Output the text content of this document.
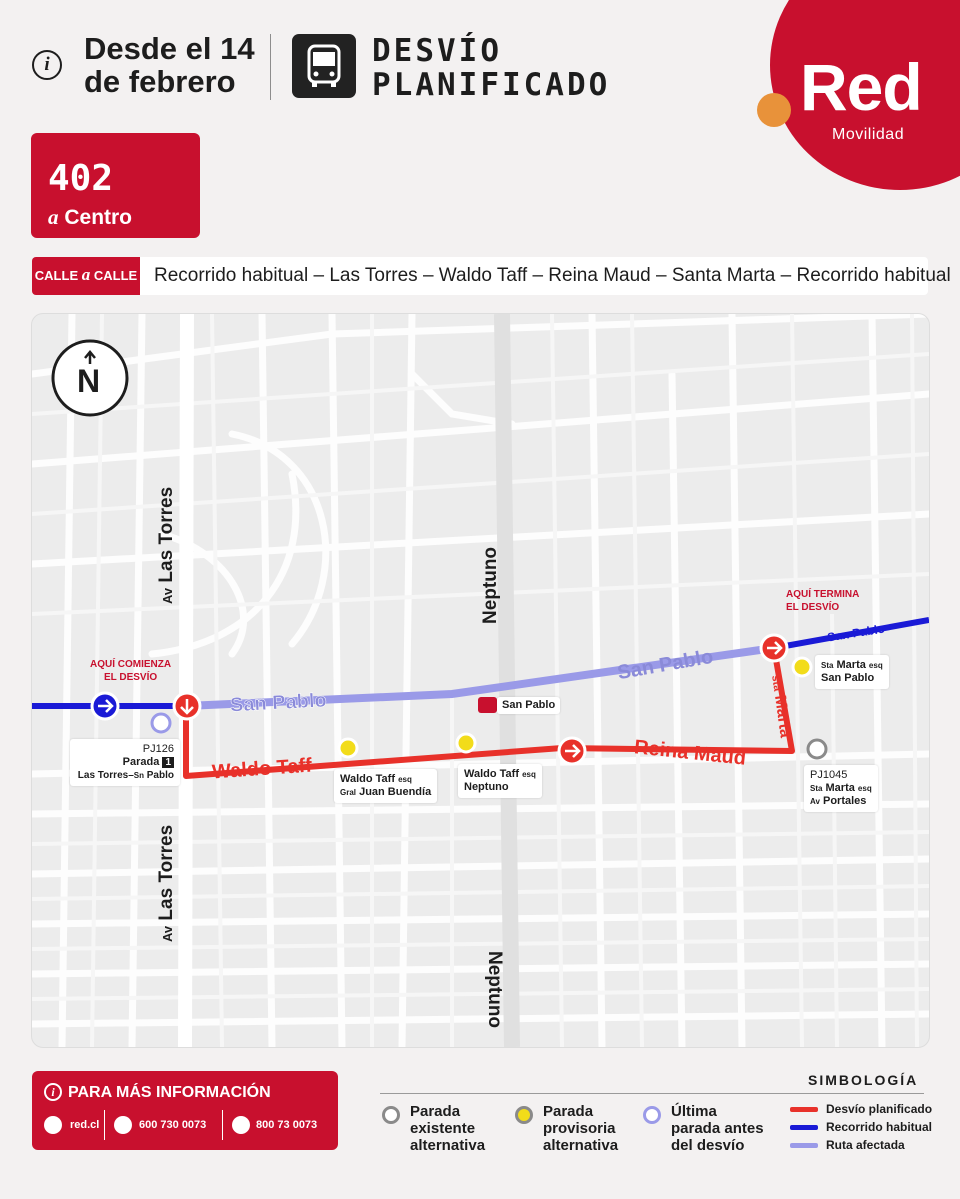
i	Desde el 14
de febrero
DESVÍO
PLANIFICADO	Red
Movilidad
402
a Centro
CALLE a CALLE Recorrido habitual – Las Torres – Waldo Taff – Reina Maud – Santa Marta – Recorrido habitual
N
Av Las Torres
Av Las Torres
Neptuno
Neptuno
San Pablo
San Pablo
San Pablo
Waldo Taff	Reina Maud
sta Marta
San Pablo
AQUÍ COMIENZA
EL DESVÍO
AQUÍ TERMINA
EL DESVÍO
PJ126
Parada 1
Las Torres–Sn Pablo	Waldo Taff esq
Gral Juan Buendía
Waldo Taff esq
Neptuno
Sta Marta esq
San Pablo
PJ1045
Sta Marta esq
Av Portales
i PARA MÁS INFORMACIÓN
red.cl	600 730 0073	800 73 0073
SIMBOLOGÍA
Parada
existente
alternativa
Parada
provisoria
alternativa
Última
parada antes
del desvío
Desvío planificado
Recorrido habitual
Ruta afectada
